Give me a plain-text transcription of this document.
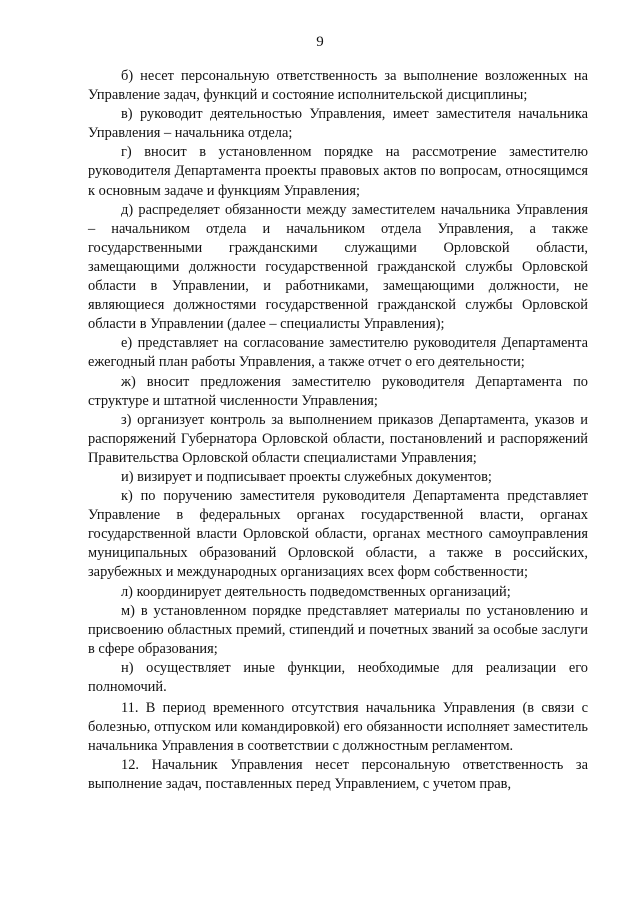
9

б) несет персональную ответственность за выполнение возложенных на Управление задач, функций и состояние исполнительской дисциплины;

в) руководит деятельностью Управления, имеет заместителя начальника Управления – начальника отдела;

г) вносит в установленном порядке на рассмотрение заместителю руководителя Департамента проекты правовых актов по вопросам, относящимся к основным задаче и функциям Управления;

д) распределяет обязанности между заместителем начальника Управления – начальником отдела и начальником отдела Управления, а также государственными гражданскими служащими Орловской области, замещающими должности государственной гражданской службы Орловской области в Управлении, и работниками, замещающими должности, не являющиеся должностями государственной гражданской службы Орловской области в Управлении (далее – специалисты Управления);

е) представляет на согласование заместителю руководителя Департамента ежегодный план работы Управления, а также отчет о его деятельности;

ж) вносит предложения заместителю руководителя Департамента по структуре и штатной численности Управления;

з) организует контроль за выполнением приказов Департамента, указов и распоряжений Губернатора Орловской области, постановлений и распоряжений Правительства Орловской области специалистами Управления;

и) визирует и подписывает проекты служебных документов;

к) по поручению заместителя руководителя Департамента представляет Управление в федеральных органах государственной власти, органах государственной власти Орловской области, органах местного самоуправления муниципальных образований Орловской области, а также в российских, зарубежных и международных организациях всех форм собственности;

л) координирует деятельность подведомственных организаций;

м) в установленном порядке представляет материалы по установлению и присвоению областных премий, стипендий и почетных званий за особые заслуги в сфере образования;

н) осуществляет иные функции, необходимые для реализации его полномочий.

11. В период временного отсутствия начальника Управления (в связи с болезнью, отпуском или командировкой) его обязанности исполняет заместитель начальника Управления в соответствии с должностным регламентом.

12. Начальник Управления несет персональную ответственность за выполнение задач, поставленных перед Управлением, с учетом прав,
